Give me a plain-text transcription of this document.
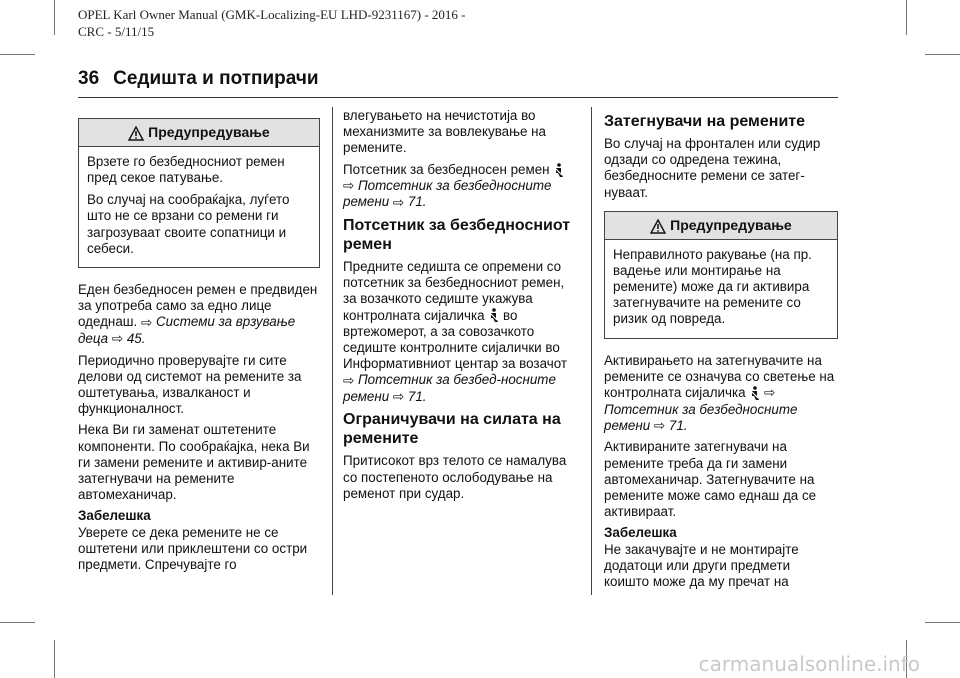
OPEL Karl Owner Manual (GMK-Localizing-EU LHD-9231167) - 2016 -
CRC - 5/11/15
36 Седишта и потпирачи
Предупредување

Врзете го безбедносниот ремен пред секое патување.

Во случај на сообраќајка, луѓето што не се врзани со ремени ги загрозуваат своите сопатници и себеси.

Еден безбедносен ремен е предвиден за употреба само за едно лице одеднаш. ⇨ Системи за врзување деца ⇨ 45.

Периодично проверувајте ги сите делови од системот на ремените за оштетувања, извалканост и функционалност.

Нека Ви ги заменат оштетените компоненти. По сообраќајка, нека Ви ги замени ремените и активир-аните затегнувачи на ремените автомеханичар.

Забелешка

Уверете се дека ремените не се оштетени или приклештени со остри предмети. Спречувајте го

влегувањето на нечистотија во механизмите за вовлекување на ремените.

Потсетник за безбедносен ремен  ⇨ Потсетник за безбедносните ремени ⇨ 71.

Потсетник за безбедносниот ремен

Предните седишта се опремени со потсетник за безбедносниот ремен, за возачкото седиште укажува контролната сијаличка во вртежомерот, а за совозачкото седиште контролните сијалички во Информативниот центар за возачот ⇨ Потсетник за безбед-носните ремени ⇨ 71.

Ограничувачи на силата на ремените

Притисокот врз телото се намалува со постепеното ослободување на ременот при судар.

Затегнувачи на ремените

Во случај на фронтален или судир одзади со одредена тежина, безбедносните ремени се затег-нуваат.

Предупредување

Неправилното ракување (на пр. вадење или монтирање на ремените) може да ги активира затегнувачите на ремените со ризик од повреда.

Активирањето на затегнувачите на ремените се означува со светење на контролната сијаличка ⇨ Потсетник за безбедносните ремени ⇨ 71.

Активираните затегнувачи на ремените треба да ги замени автомеханичар. Затегнувачите на ремените може само еднаш да се активираат.

Забелешка

Не закачувајте и не монтирајте додатоци или други предмети коишто може да му пречат на

carmanualsonline.info
